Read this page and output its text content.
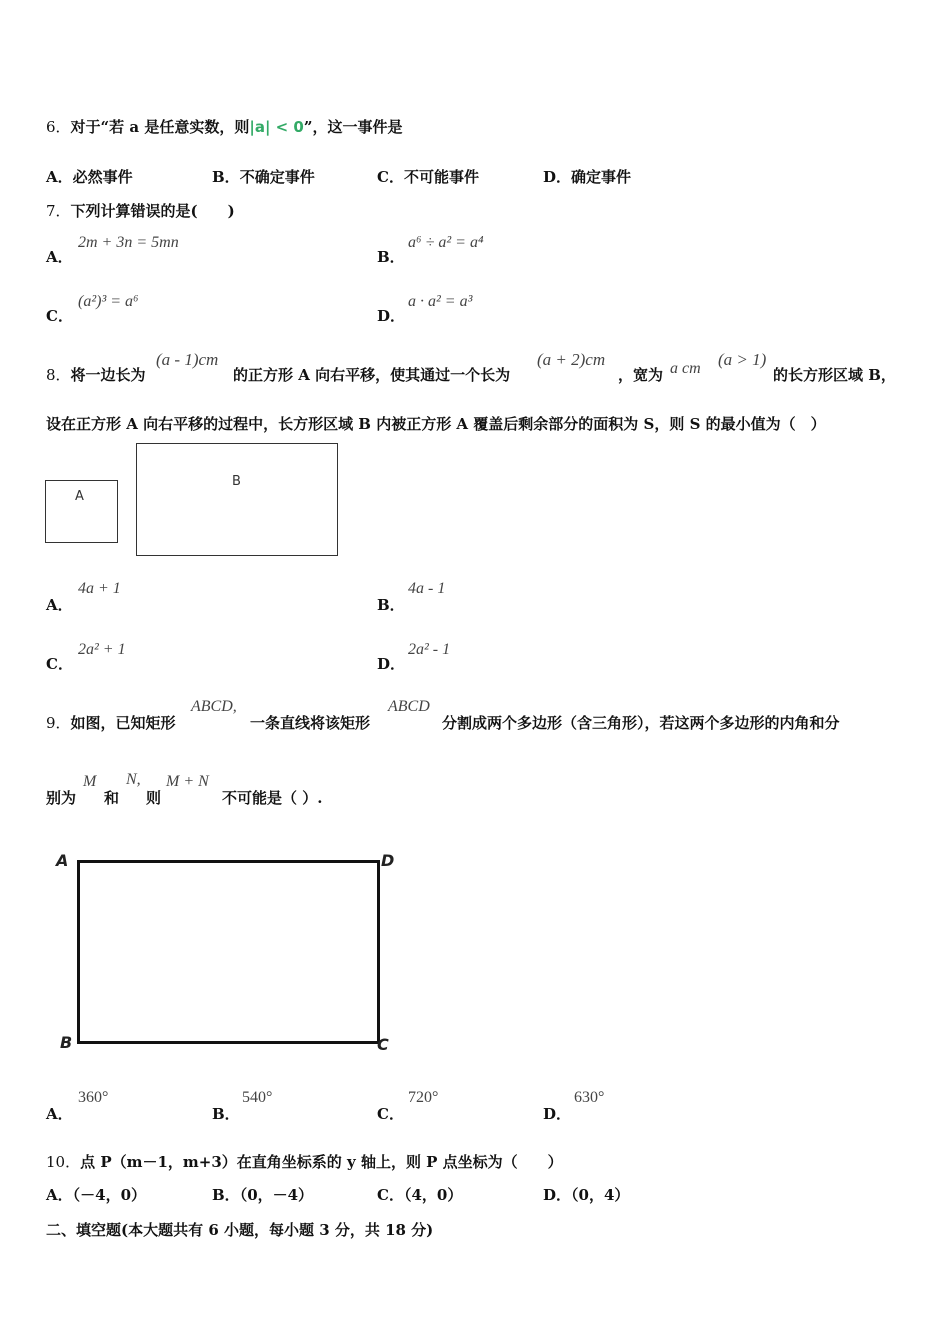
6．对于“若 a 是任意实数，则|a| < 0”，这一事件是
A．必然事件	B．不确定事件	C．不可能事件	D．确定事件
7．下列计算错误的是(　　)
A．
2m + 3n = 5mn
B．
a⁶ ÷ a² = a⁴
C．
(a²)³ = a⁶
D．
a · a² = a³
8．将一边长为
(a - 1)cm
的正方形 A 向右平移，使其通过一个长为
(a + 2)cm
，宽为 a cm (a > 1)
的长方形区域 B，
设在正方形 A 向右平移的过程中，长方形区域 B 内被正方形 A 覆盖后剩余部分的面积为 S，则 S 的最小值为（　）
A
B
A．
4a + 1
B．
4a - 1
C．
2a² + 1
D．
2a² - 1
9．如图，已知矩形
ABCD,
一条直线将该矩形
ABCD
分割成两个多边形（含三角形），若这两个多边形的内角和分
别为
M
和
N,
则
M + N
不可能是（ ）.
A
B	C
D
A．
360°
B．
540°
C．
720°
D．
630°
10．点 P（m－1，m+3）在直角坐标系的 y 轴上，则 P 点坐标为（　　）
A．（－4，0）	B．（0，－4）	C．（4，0）	D．（0，4）
二、填空题(本大题共有 6 小题，每小题 3 分，共 18 分)
